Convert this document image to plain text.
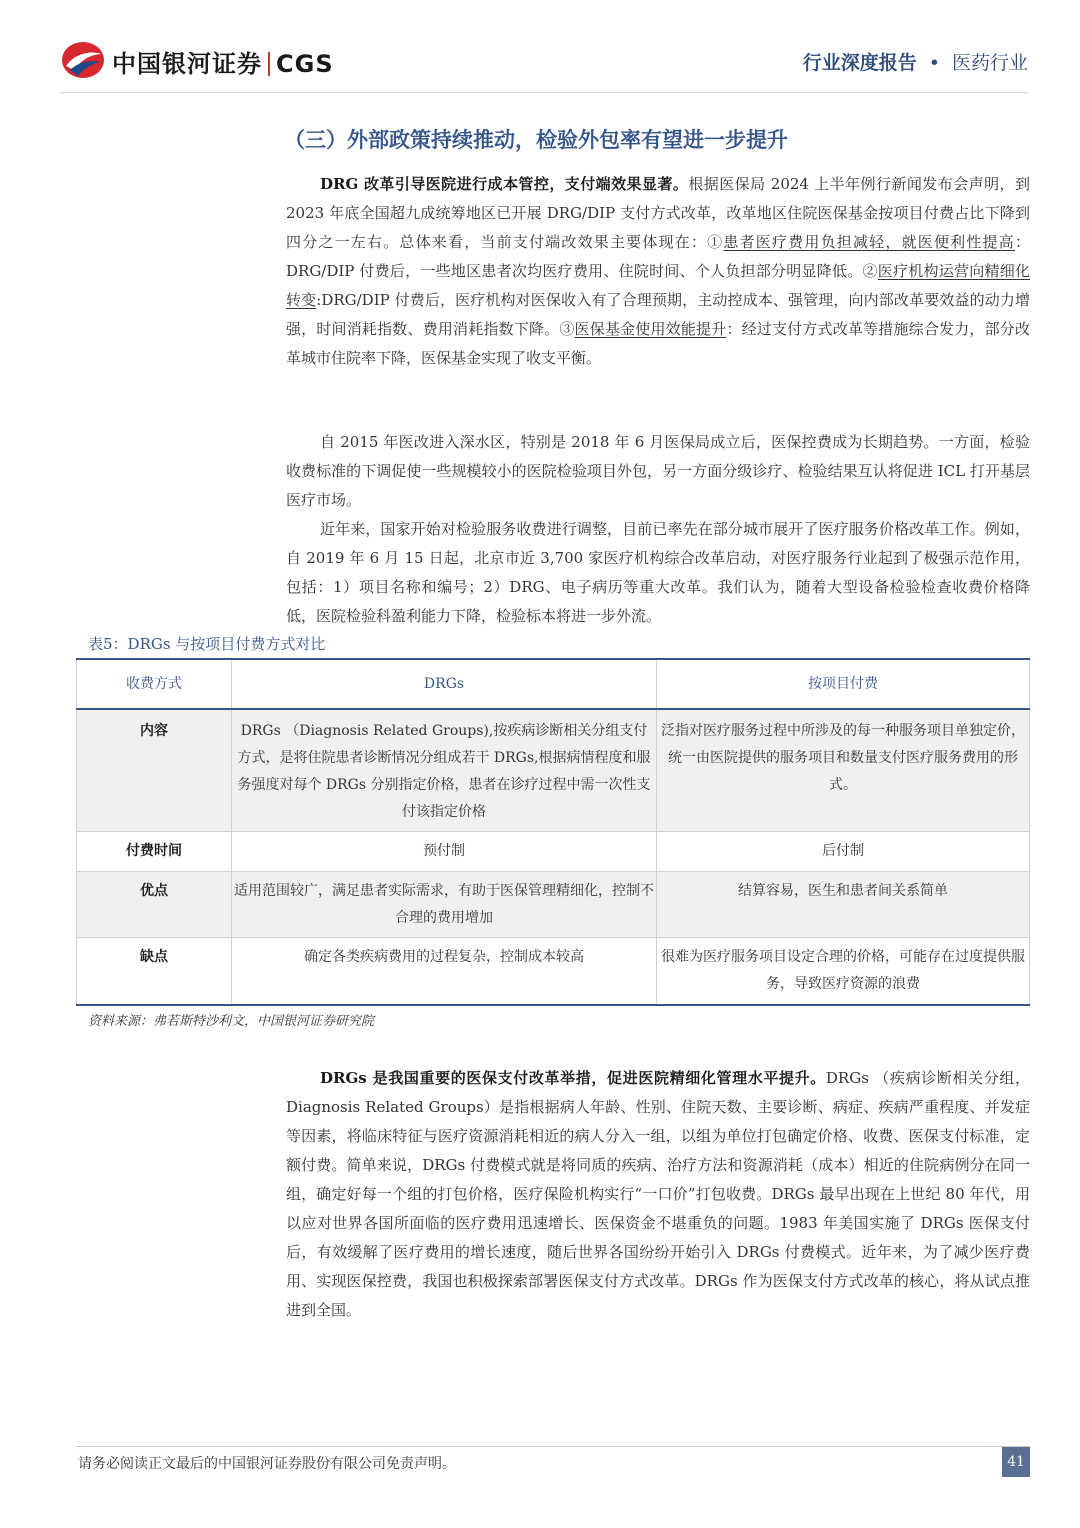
中国银河证券 CGS	行业深度报告 • 医药行业
（三）外部政策持续推动，检验外包率有望进一步提升
DRG 改革引导医院进行成本管控，支付端效果显著。根据医保局 2024 上半年例行新闻发布会声明，到 2023 年底全国超九成统筹地区已开展 DRG/DIP 支付方式改革，改革地区住院医保基金按项目付费占比下降到四分之一左右。总体来看，当前支付端改效果主要体现在：①患者医疗费用负担减轻，就医便利性提高：DRG/DIP 付费后，一些地区患者次均医疗费用、住院时间、个人负担部分明显降低。②医疗机构运营向精细化转变:DRG/DIP 付费后，医疗机构对医保收入有了合理预期，主动控成本、强管理，向内部改革要效益的动力增强，时间消耗指数、费用消耗指数下降。③医保基金使用效能提升：经过支付方式改革等措施综合发力，部分改革城市住院率下降，医保基金实现了收支平衡。
自 2015 年医改进入深水区，特别是 2018 年 6 月医保局成立后，医保控费成为长期趋势。一方面，检验收费标准的下调促使一些规模较小的医院检验项目外包，另一方面分级诊疗、检验结果互认将促进 ICL 打开基层医疗市场。
近年来，国家开始对检验服务收费进行调整，目前已率先在部分城市展开了医疗服务价格改革工作。例如，自 2019 年 6 月 15 日起，北京市近 3,700 家医疗机构综合改革启动，对医疗服务行业起到了极强示范作用，包括：1）项目名称和编号；2）DRG、电子病历等重大改革。我们认为，随着大型设备检验检查收费价格降低，医院检验科盈利能力下降，检验标本将进一步外流。
表5：DRGs 与按项目付费方式对比
收费方式	DRGs	按项目付费
内容	DRGs （Diagnosis Related Groups),按疾病诊断相关分组支付方式，是将住院患者诊断情况分组成若干 DRGs,根据病情程度和服务强度对每个 DRGs 分别指定价格，患者在诊疗过程中需一次性支付该指定价格	泛指对医疗服务过程中所涉及的每一种服务项目单独定价，统一由医院提供的服务项目和数量支付医疗服务费用的形式。
付费时间	预付制	后付制
优点	适用范围较广，满足患者实际需求，有助于医保管理精细化，控制不合理的费用增加	结算容易，医生和患者间关系简单
缺点	确定各类疾病费用的过程复杂，控制成本较高	很难为医疗服务项目设定合理的价格，可能存在过度提供服务，导致医疗资源的浪费
资料来源：弗若斯特沙利文，中国银河证券研究院
DRGs 是我国重要的医保支付改革举措，促进医院精细化管理水平提升。DRGs （疾病诊断相关分组，Diagnosis Related Groups）是指根据病人年龄、性别、住院天数、主要诊断、病症、疾病严重程度、并发症等因素，将临床特征与医疗资源消耗相近的病人分入一组，以组为单位打包确定价格、收费、医保支付标准，定额付费。简单来说，DRGs 付费模式就是将同质的疾病、治疗方法和资源消耗（成本）相近的住院病例分在同一组，确定好每一个组的打包价格，医疗保险机构实行“一口价”打包收费。DRGs 最早出现在上世纪 80 年代，用以应对世界各国所面临的医疗费用迅速增长、医保资金不堪重负的问题。1983 年美国实施了 DRGs 医保支付后，有效缓解了医疗费用的增长速度，随后世界各国纷纷开始引入 DRGs 付费模式。近年来，为了减少医疗费用、实现医保控费，我国也积极探索部署医保支付方式改革。DRGs 作为医保支付方式改革的核心，将从试点推进到全国。
请务必阅读正文最后的中国银河证券股份有限公司免责声明。	41
